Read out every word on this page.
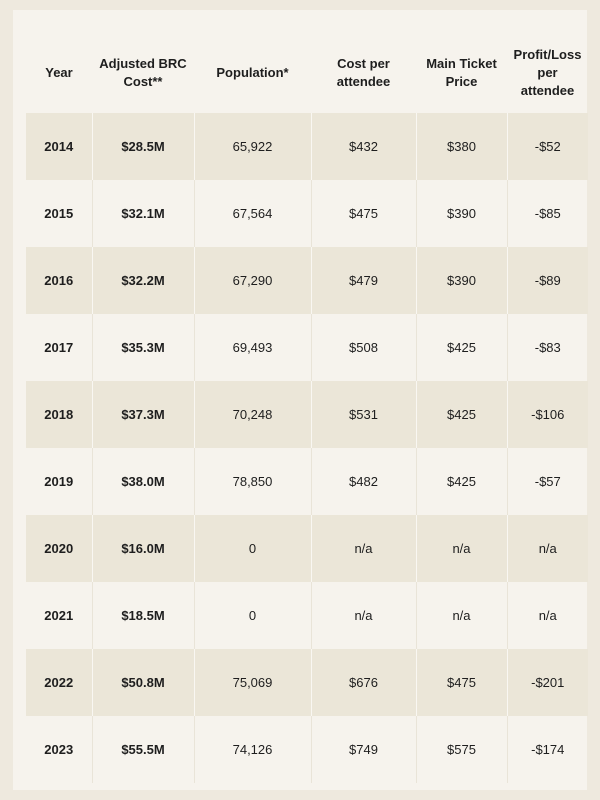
Year	Adjusted BRC Cost**	Population*	Cost per attendee	Main Ticket Price	Profit/Loss per attendee
2014	$28.5M	65,922	$432	$380	-$52
2015	$32.1M	67,564	$475	$390	-$85
2016	$32.2M	67,290	$479	$390	-$89
2017	$35.3M	69,493	$508	$425	-$83
2018	$37.3M	70,248	$531	$425	-$106
2019	$38.0M	78,850	$482	$425	-$57
2020	$16.0M	0	n/a	n/a	n/a
2021	$18.5M	0	n/a	n/a	n/a
2022	$50.8M	75,069	$676	$475	-$201
2023	$55.5M	74,126	$749	$575	-$174
